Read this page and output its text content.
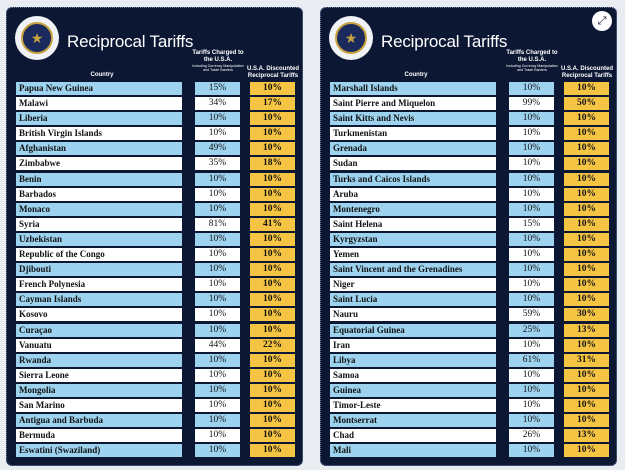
★	Reciprocal Tariffs
Tariffs Charged to the U.S.A.
Including Currency Manipulation and Trade Barriers
Country
U.S.A. Discounted Reciprocal Tariffs
Papua New Guinea	15%	10%
Malawi	34%	17%
Liberia	10%	10%
British Virgin Islands	10%	10%
Afghanistan	49%	10%
Zimbabwe	35%	18%
Benin	10%	10%
Barbados	10%	10%
Monaco	10%	10%
Syria	81%	41%
Uzbekistan	10%	10%
Republic of the Congo	10%	10%
Djibouti	10%	10%
French Polynesia	10%	10%
Cayman Islands	10%	10%
Kosovo	10%	10%
Curaçao	10%	10%
Vanuatu	44%	22%
Rwanda	10%	10%
Sierra Leone	10%	10%
Mongolia	10%	10%
San Marino	10%	10%
Antigua and Barbuda	10%	10%
Bermuda	10%	10%
Eswatini (Swaziland)	10%	10%
★	Reciprocal Tariffs
Tariffs Charged to the U.S.A.
Including Currency Manipulation and Trade Barriers
Country
U.S.A. Discounted Reciprocal Tariffs
Marshall Islands	10%	10%
Saint Pierre and Miquelon	99%	50%
Saint Kitts and Nevis	10%	10%
Turkmenistan	10%	10%
Grenada	10%	10%
Sudan	10%	10%
Turks and Caicos Islands	10%	10%
Aruba	10%	10%
Montenegro	10%	10%
Saint Helena	15%	10%
Kyrgyzstan	10%	10%
Yemen	10%	10%
Saint Vincent and the Grenadines	10%	10%
Niger	10%	10%
Saint Lucia	10%	10%
Nauru	59%	30%
Equatorial Guinea	25%	13%
Iran	10%	10%
Libya	61%	31%
Samoa	10%	10%
Guinea	10%	10%
Timor-Leste	10%	10%
Montserrat	10%	10%
Chad	26%	13%
Mali	10%	10%
⤢
